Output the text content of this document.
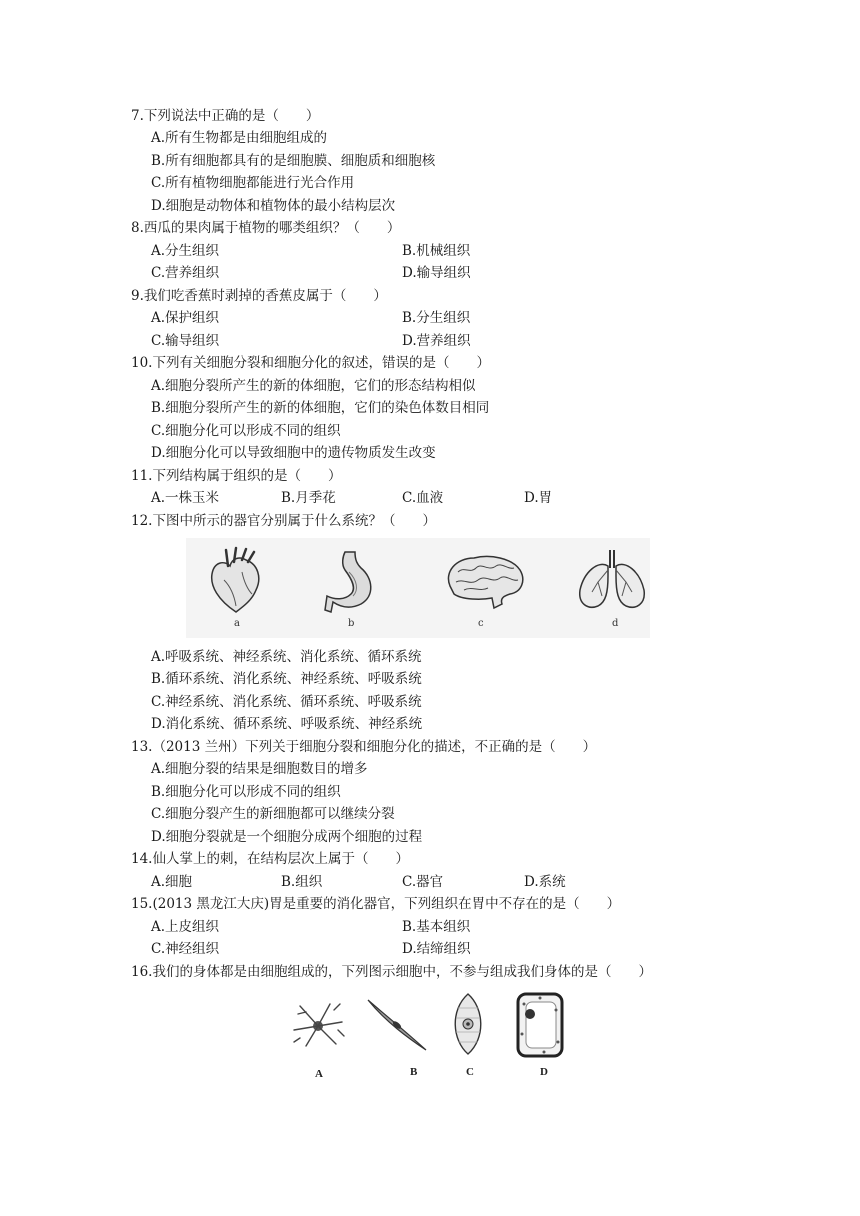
7.下列说法中正确的是（　　）
A.所有生物都是由细胞组成的
B.所有细胞都具有的是细胞膜、细胞质和细胞核
C.所有植物细胞都能进行光合作用
D.细胞是动物体和植物体的最小结构层次
8.西瓜的果肉属于植物的哪类组织？（　　）
A.分生组织	B.机械组织
C.营养组织	D.输导组织
9.我们吃香蕉时剥掉的香蕉皮属于（　　）
A.保护组织	B.分生组织
C.输导组织	D.营养组织
10.下列有关细胞分裂和细胞分化的叙述，错误的是（　　）
A.细胞分裂所产生的新的体细胞，它们的形态结构相似
B.细胞分裂所产生的新的体细胞，它们的染色体数目相同
C.细胞分化可以形成不同的组织
D.细胞分化可以导致细胞中的遗传物质发生改变
11.下列结构属于组织的是（　　）
A.一株玉米	B.月季花	C.血液	D.胃
12.下图中所示的器官分别属于什么系统？（　　）
a	b	c	d
A.呼吸系统、神经系统、消化系统、循环系统
B.循环系统、消化系统、神经系统、呼吸系统
C.神经系统、消化系统、循环系统、呼吸系统
D.消化系统、循环系统、呼吸系统、神经系统
13.（2013 兰州）下列关于细胞分裂和细胞分化的描述，不正确的是（　　）
A.细胞分裂的结果是细胞数目的增多
B.细胞分化可以形成不同的组织
C.细胞分裂产生的新细胞都可以继续分裂
D.细胞分裂就是一个细胞分成两个细胞的过程
14.仙人掌上的刺，在结构层次上属于（　　）
A.细胞	B.组织	C.器官	D.系统
15.(2013 黑龙江大庆)胃是重要的消化器官，下列组织在胃中不存在的是（　　）
A.上皮组织	B.基本组织
C.神经组织	D.结缔组织
16.我们的身体都是由细胞组成的，下列图示细胞中，不参与组成我们身体的是（　　）
A	B	C	D
